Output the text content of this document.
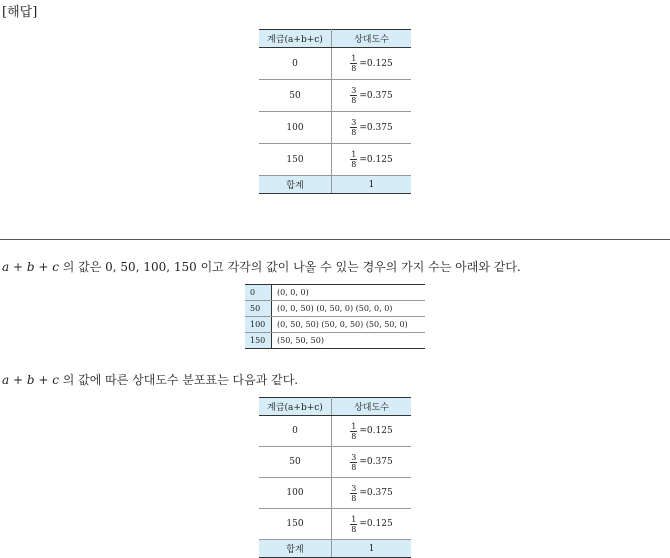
[해답]
계급(a+b+c)	상대도수
0	$\frac{1}{8} =0.125$

50	$\frac{3}{8} =0.375$

100	$\frac{3}{8} =0.375$

150	$\frac{1}{8} =0.125$

합계	1
a + b + c 의 값은 0, 50, 100, 150 이고 각각의 값이 나올 수 있는 경우의 가지 수는 아래와 같다.
0	(0, 0, 0)
50	(0, 0, 50) (0, 50, 0) (50, 0, 0)
100	(0, 50, 50) (50, 0, 50) (50, 50, 0)
150	(50, 50, 50)
a + b + c 의 값에 따른 상대도수 분포표는 다음과 같다.
계급(a+b+c)	상대도수
0	$\frac{1}{8} =0.125$

50	$\frac{3}{8} =0.375$

100	$\frac{3}{8} =0.375$

150	$\frac{1}{8} =0.125$

합계	1
